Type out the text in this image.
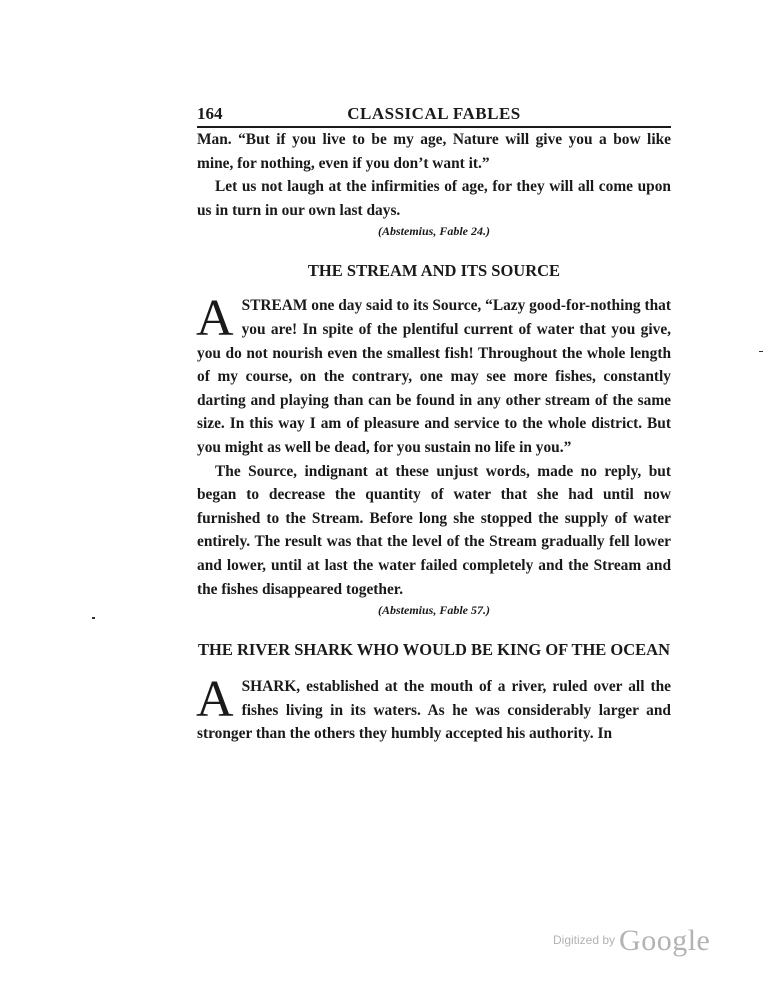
164	CLASSICAL FABLES

Man. “But if you live to be my age, Nature will give you a bow like mine, for nothing, even if you don’t want it.”

Let us not laugh at the infirmities of age, for they will all come upon us in turn in our own last days.

(Abstemius, Fable 24.)

THE STREAM AND ITS SOURCE

ASTREAM one day said to its Source, “Lazy good-for-nothing that you are! In spite of the plentiful current of water that you give, you do not nourish even the smallest fish! Throughout the whole length of my course, on the contrary, one may see more fishes, constantly darting and playing than can be found in any other stream of the same size. In this way I am of pleasure and service to the whole district. But you might as well be dead, for you sustain no life in you.”

The Source, indignant at these unjust words, made no reply, but began to decrease the quantity of water that she had until now furnished to the Stream. Before long she stopped the supply of water entirely. The result was that the level of the Stream gradually fell lower and lower, until at last the water failed completely and the Stream and the fishes disappeared together.

(Abstemius, Fable 57.)

THE RIVER SHARK WHO WOULD BE KING OF THE OCEAN

ASHARK, established at the mouth of a river, ruled over all the fishes living in its waters. As he was considerably larger and stronger than the others they humbly accepted his authority. In

$^{Digitized by}$ Google
